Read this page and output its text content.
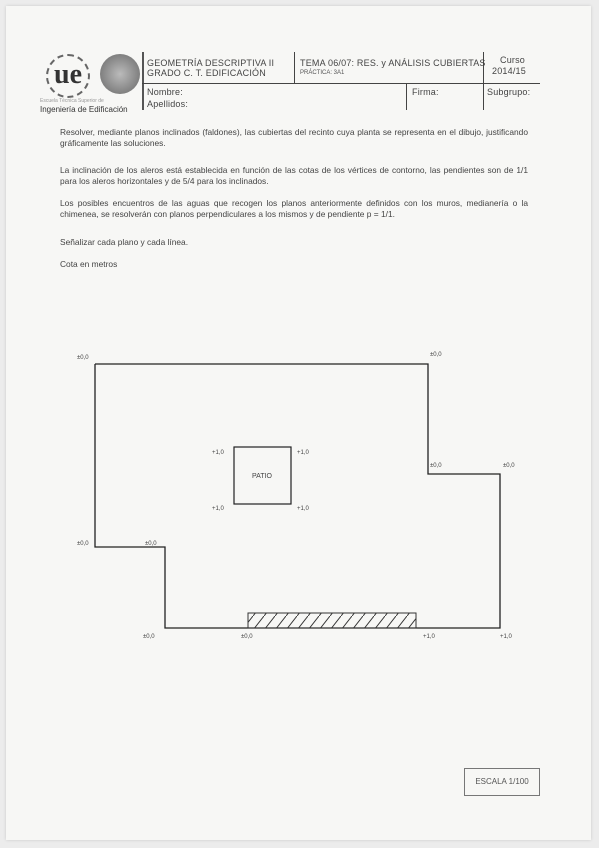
ue
Escuela Técnica Superior de
Ingeniería de Edificación
GEOMETRÍA DESCRIPTIVA II
GRADO C. T. EDIFICACIÓN
TEMA 06/07: RES. y ANÁLISIS CUBIERTAS
PRÁCTICA: 3A1
Curso
2014/15
Nombre:
Apellidos:
Firma:	Subgrupo:
Resolver, mediante planos inclinados (faldones), las cubiertas del recinto cuya planta se representa en el dibujo, justificando gráficamente las soluciones.
La inclinación de los aleros está establecida en función de las cotas de los vértices de contorno, las pendientes son de 1/1 para los aleros horizontales y de 5/4 para los inclinados.
Los posibles encuentros de las aguas que recogen los planos anteriormente definidos con los muros, medianería o la chimenea, se resolverán con planos perpendiculares a los mismos y de pendiente p = 1/1.
Señalizar cada plano y cada línea.
Cota en metros
PATIO
±0,0	±0,0
±0,0	±0,0
±0,0	±0,0
±0,0	±0,0	+1,0	+1,0
+1,0	+1,0
+1,0	+1,0
ESCALA 1/100
